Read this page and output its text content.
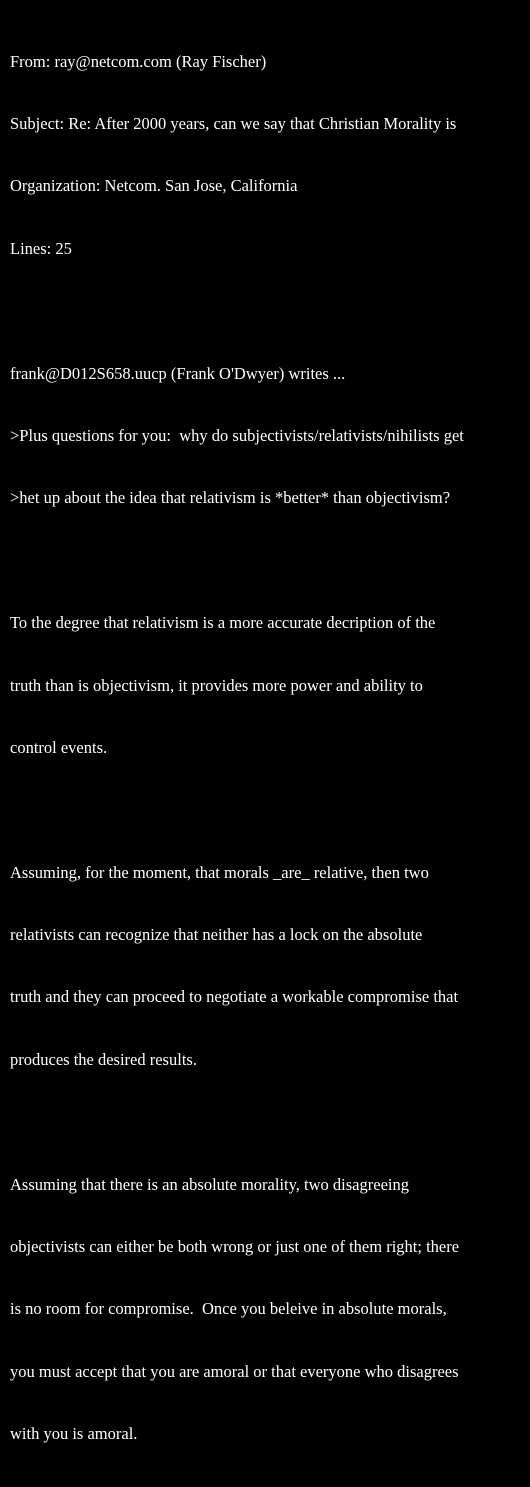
From: ray@netcom.com (Ray Fischer)

Subject: Re: After 2000 years, can we say that Christian Morality is

Organization: Netcom. San Jose, California

Lines: 25

frank@D012S658.uucp (Frank O'Dwyer) writes ...

>Plus questions for you:  why do subjectivists/relativists/nihilists get

>het up about the idea that relativism is *better* than objectivism?

To the degree that relativism is a more accurate decription of the

truth than is objectivism, it provides more power and ability to

control events.

Assuming, for the moment, that morals _are_ relative, then two

relativists can recognize that neither has a lock on the absolute

truth and they can proceed to negotiate a workable compromise that

produces the desired results.

Assuming that there is an absolute morality, two disagreeing

objectivists can either be both wrong or just one of them right; there

is no room for compromise.  Once you beleive in absolute morals,

you must accept that you are amoral or that everyone who disagrees

with you is amoral.
